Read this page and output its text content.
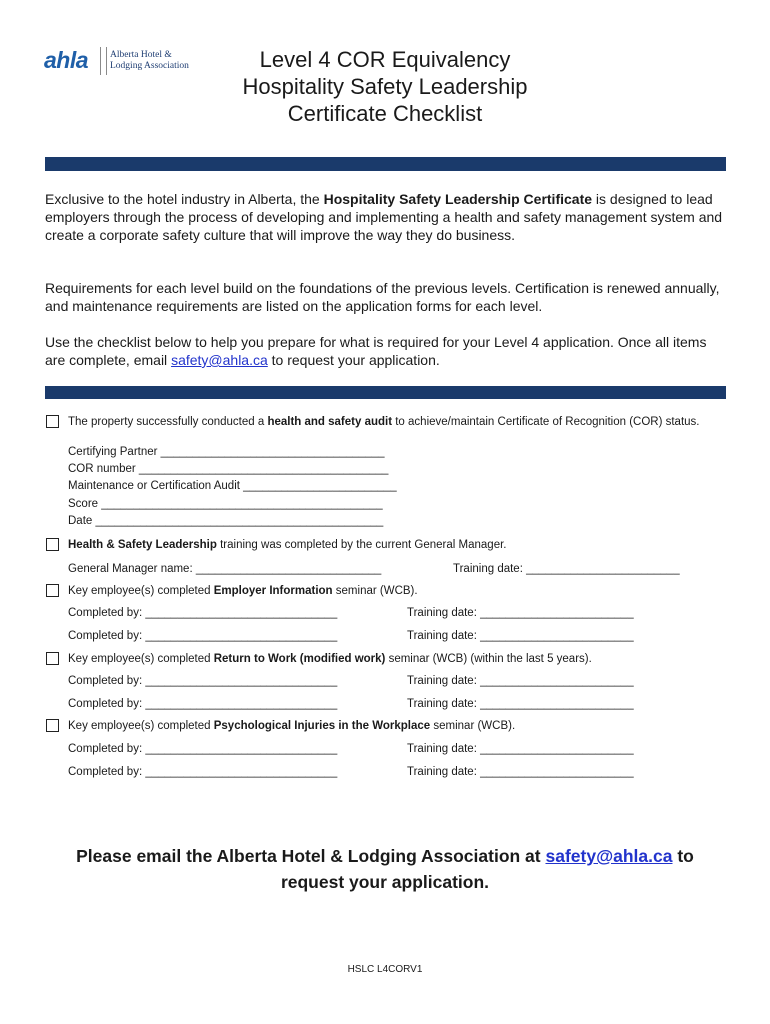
ahla Alberta Hotel &
Lodging Association	Level 4 COR Equivalency
Hospitality Safety Leadership
Certificate Checklist

Exclusive to the hotel industry in Alberta, the Hospitality Safety Leadership Certificate is designed to lead employers through the process of developing and implementing a health and safety management system and create a corporate safety culture that will improve the way they do business.

Requirements for each level build on the foundations of the previous levels. Certification is renewed annually, and maintenance requirements are listed on the application forms for each level.

Use the checklist below to help you prepare for what is required for your Level 4 application. Once all items are complete, email safety@ahla.ca to request your application.

The property successfully conducted a health and safety audit to achieve/maintain Certificate of Recognition (COR) status.
Certifying Partner ___________________________________
COR number _______________________________________
Maintenance or Certification Audit ________________________
Score ____________________________________________
Date _____________________________________________
Health & Safety Leadership training was completed by the current General Manager.
General Manager name: _____________________________	Training date: ________________________
Key employee(s) completed Employer Information seminar (WCB).
Completed by: ______________________________	Training date: ________________________
Completed by: ______________________________	Training date: ________________________
Key employee(s) completed Return to Work (modified work) seminar (WCB) (within the last 5 years).
Completed by: ______________________________	Training date: ________________________
Completed by: ______________________________	Training date: ________________________
Key employee(s) completed Psychological Injuries in the Workplace seminar (WCB).
Completed by: ______________________________	Training date: ________________________
Completed by: ______________________________	Training date: ________________________
Please email the Alberta Hotel & Lodging Association at safety@ahla.ca to request your application.
HSLC L4CORV1
